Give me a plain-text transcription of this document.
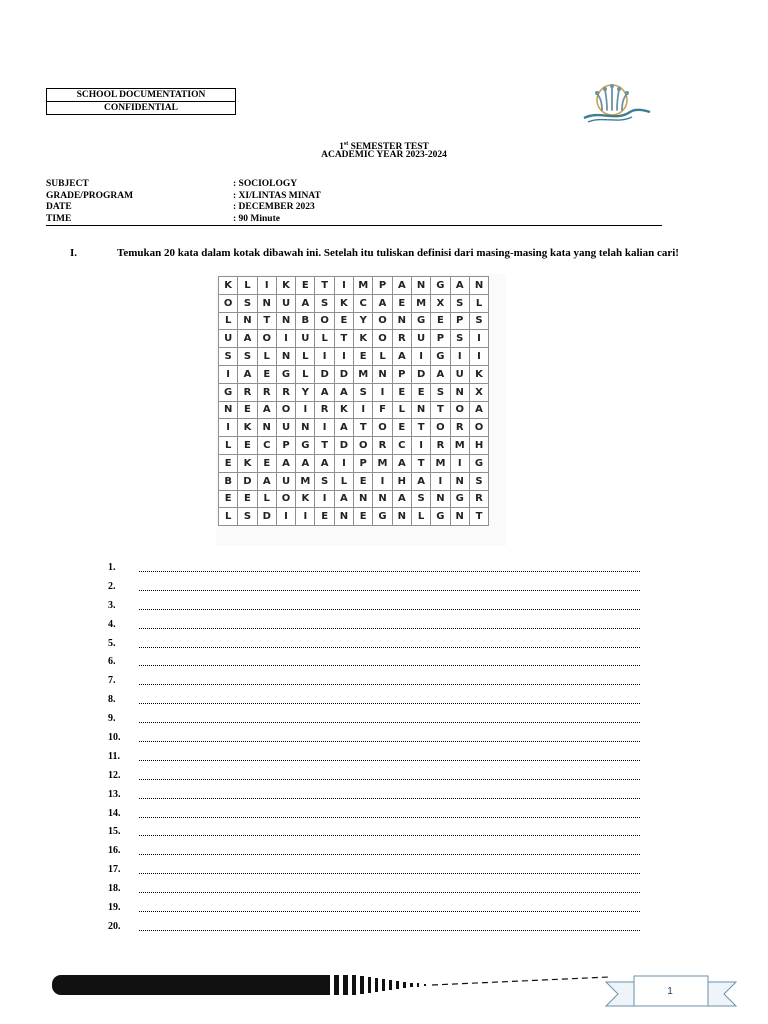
SCHOOL DOCUMENTATION
CONFIDENTIAL
1st SEMESTER TEST
ACADEMIC YEAR 2023-2024
SUBJECT	: SOCIOLOGY
GRADE/PROGRAM	: XI/LINTAS MINAT
DATE	: DECEMBER 2023
TIME	: 90 Minute
I.	Temukan 20 kata dalam kotak dibawah ini. Setelah itu tuliskan definisi dari masing-masing kata yang telah kalian cari!
K	L	I	K	E	T	I	M	P	A	N	G	A	N
O	S	N	U	A	S	K	C	A	E	M	X	S	L
L	N	T	N	B	O	E	Y	O	N	G	E	P	S
U	A	O	I	U	L	T	K	O	R	U	P	S	I
S	S	L	N	L	I	I	E	L	A	I	G	I	I
I	A	E	G	L	D	D	M	N	P	D	A	U	K
G	R	R	R	Y	A	A	S	I	E	E	S	N	X
N	E	A	O	I	R	K	I	F	L	N	T	O	A
I	K	N	U	N	I	A	T	O	E	T	O	R	O
L	E	C	P	G	T	D	O	R	C	I	R	M	H
E	K	E	A	A	A	I	P	M	A	T	M	I	G
B	D	A	U	M	S	L	E	I	H	A	I	N	S
E	E	L	O	K	I	A	N	N	A	S	N	G	R
L	S	D	I	I	E	N	E	G	N	L	G	N	T
1.
2.
3.
4.
5.
6.
7.
8.
9.
10.
11.
12.
13.
14.
15.
16.
17.
18.
19.
20.
1
